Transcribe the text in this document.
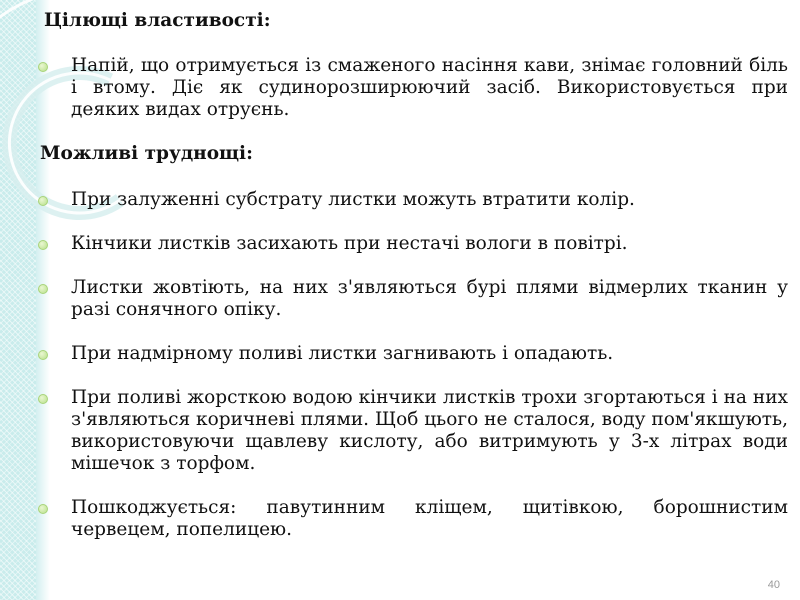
Цілющі властивості:

Напій, що отримується із смаженого насіння кави, знімає головний біль і втому. Діє як судинорозширюючий засіб. Використовується при деяких видах отруєнь.

Можливі труднощі:

При залуженні субстрату листки можуть втратити колір.
Кінчики листків засихають при нестачі вологи в повітрі.
Листки жовтіють, на них з'являються бурі плями відмерлих тканин у разі сонячного опіку.
При надмірному поливі листки загнивають і опадають.
При поливі жорсткою водою кінчики листків трохи згортаються і на них з'являються коричневі плями. Щоб цього не сталося, воду пом'якшують, використовуючи щавлеву кислоту, або витримують у 3-х літрах води мішечок з торфом.
Пошкоджується: павутинним кліщем, щитівкою, борошнистим червецем, попелицею.
40
